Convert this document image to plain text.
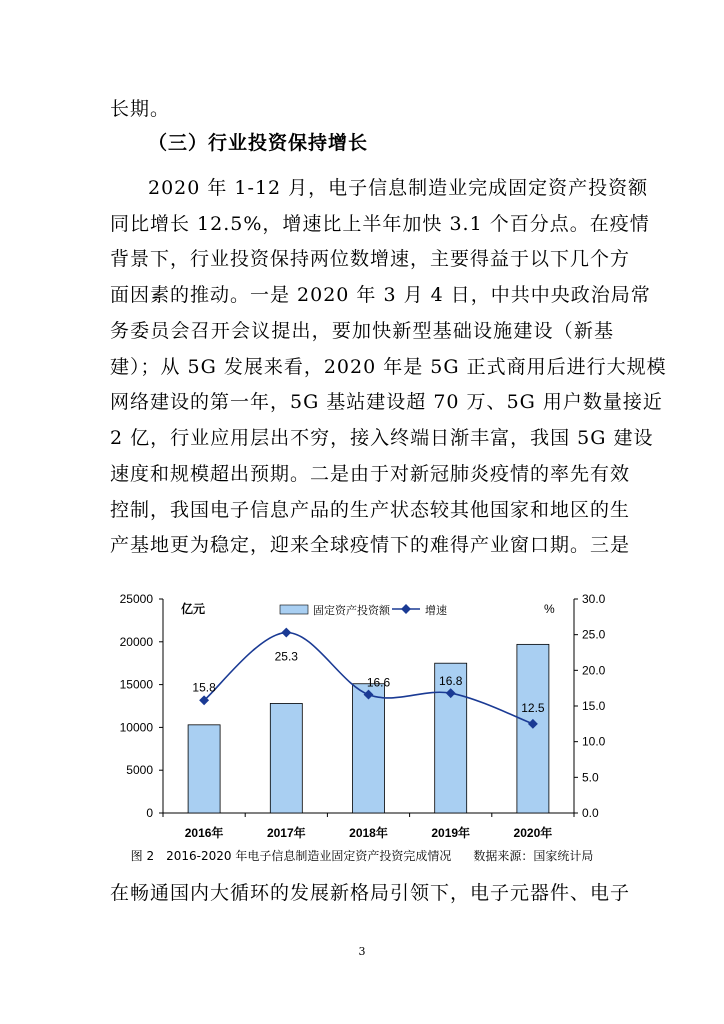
长期。
（三）行业投资保持增长
2020 年 1-12 月，电子信息制造业完成固定资产投资额
同比增长 12.5%，增速比上半年加快 3.1 个百分点。在疫情
背景下，行业投资保持两位数增速，主要得益于以下几个方
面因素的推动。一是 2020 年 3 月 4 日，中共中央政治局常
务委员会召开会议提出，要加快新型基础设施建设（新基
建）；从 5G 发展来看，2020 年是 5G 正式商用后进行大规模
网络建设的第一年，5G 基站建设超 70 万、5G 用户数量接近
2 亿，行业应用层出不穷，接入终端日渐丰富，我国 5G 建设
速度和规模超出预期。二是由于对新冠肺炎疫情的率先有效
控制，我国电子信息产品的生产状态较其他国家和地区的生
产基地更为稳定，迎来全球疫情下的难得产业窗口期。三是
0
5000
10000
15000
20000
25000
0.0
5.0
10.0
15.0
20.0
25.0
30.0
2016年	2017年	2018年	2019年	2020年
亿元	%
15.8
25.3
16.6	16.8
12.5
固定资产投资额	增速
图 2　2016-2020 年电子信息制造业固定资产投资完成情况 数据来源：国家统计局
在畅通国内大循环的发展新格局引领下，电子元器件、电子
3
